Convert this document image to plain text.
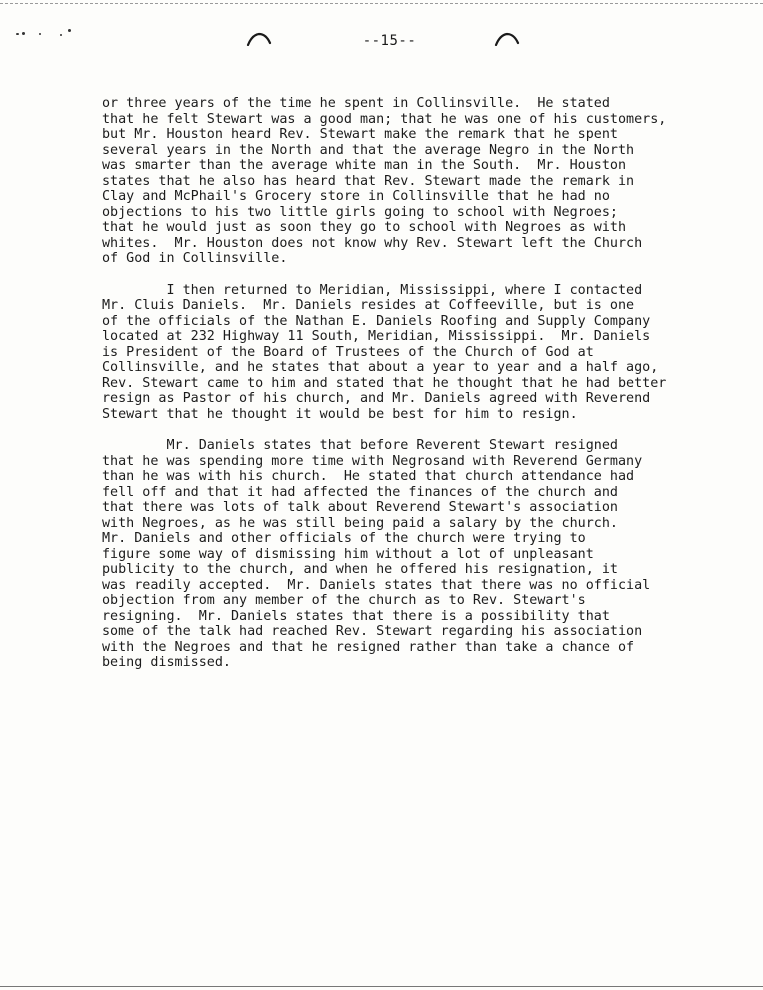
--15--
or three years of the time he spent in Collinsville.  He stated
that he felt Stewart was a good man; that he was one of his customers,
but Mr. Houston heard Rev. Stewart make the remark that he spent
several years in the North and that the average Negro in the North
was smarter than the average white man in the South.  Mr. Houston
states that he also has heard that Rev. Stewart made the remark in
Clay and McPhail's Grocery store in Collinsville that he had no
objections to his two little girls going to school with Negroes;
that he would just as soon they go to school with Negroes as with
whites.  Mr. Houston does not know why Rev. Stewart left the Church
of God in Collinsville.
I then returned to Meridian, Mississippi, where I contacted
Mr. Cluis Daniels.  Mr. Daniels resides at Coffeeville, but is one
of the officials of the Nathan E. Daniels Roofing and Supply Company
located at 232 Highway 11 South, Meridian, Mississippi.  Mr. Daniels
is President of the Board of Trustees of the Church of God at
Collinsville, and he states that about a year to year and a half ago,
Rev. Stewart came to him and stated that he thought that he had better
resign as Pastor of his church, and Mr. Daniels agreed with Reverend
Stewart that he thought it would be best for him to resign.
Mr. Daniels states that before Reverent Stewart resigned
that he was spending more time with Negrosand with Reverend Germany
than he was with his church.  He stated that church attendance had
fell off and that it had affected the finances of the church and
that there was lots of talk about Reverend Stewart's association
with Negroes, as he was still being paid a salary by the church.
Mr. Daniels and other officials of the church were trying to
figure some way of dismissing him without a lot of unpleasant
publicity to the church, and when he offered his resignation, it
was readily accepted.  Mr. Daniels states that there was no official
objection from any member of the church as to Rev. Stewart's
resigning.  Mr. Daniels states that there is a possibility that
some of the talk had reached Rev. Stewart regarding his association
with the Negroes and that he resigned rather than take a chance of
being dismissed.
